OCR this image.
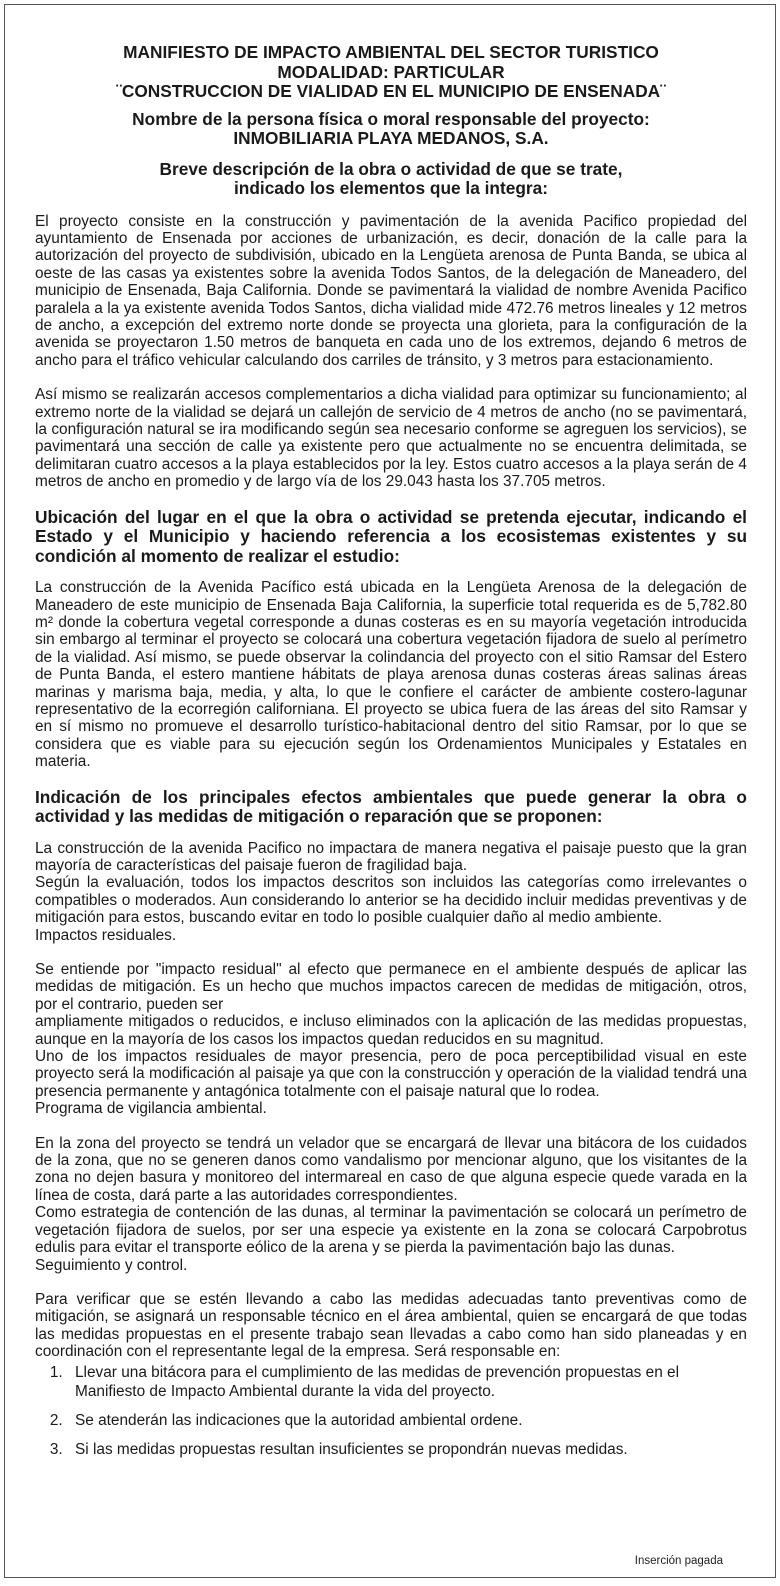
MANIFIESTO DE IMPACTO AMBIENTAL DEL SECTOR TURISTICO
MODALIDAD: PARTICULAR
¨CONSTRUCCION DE VIALIDAD EN EL MUNICIPIO DE ENSENADA¨
Nombre de la persona física o moral responsable del proyecto:
INMOBILIARIA PLAYA MEDANOS, S.A.
Breve descripción de la obra o actividad de que se trate,
indicado los elementos que la integra:

El proyecto consiste en la construcción y pavimentación de la avenida Pacifico propiedad del ayuntamiento de Ensenada por acciones de urbanización, es decir, donación de la calle para la autorización del proyecto de subdivisión, ubicado en la Lengüeta arenosa de Punta Banda, se ubica al oeste de las casas ya existentes sobre la avenida Todos Santos, de la delegación de Maneadero, del municipio de Ensenada, Baja California. Donde se pavimentará la vialidad de nombre Avenida Pacifico paralela a la ya existente avenida Todos Santos, dicha vialidad mide 472.76 metros lineales y 12 metros de ancho, a excepción del extremo norte donde se proyecta una glorieta, para la configuración de la avenida se proyectaron 1.50 metros de banqueta en cada uno de los extremos, dejando 6 metros de ancho para el tráfico vehicular calculando dos carriles de tránsito, y 3 metros para estacionamiento.

Así mismo se realizarán accesos complementarios a dicha vialidad para optimizar su funcionamiento; al extremo norte de la vialidad se dejará un callejón de servicio de 4 metros de ancho (no se pavimentará, la configuración natural se ira modificando según sea necesario conforme se agreguen los servicios), se pavimentará una sección de calle ya existente pero que actualmente no se encuentra delimitada, se delimitaran cuatro accesos a la playa establecidos por la ley. Estos cuatro accesos a la playa serán de 4 metros de ancho en promedio y de largo vía de los 29.043 hasta los 37.705 metros.

Ubicación del lugar en el que la obra o actividad se pretenda ejecutar, indicando el Estado y el Municipio y haciendo referencia a los ecosistemas existentes y su condición al momento de realizar el estudio:

La construcción de la Avenida Pacífico está ubicada en la Lengüeta Arenosa de la delegación de Maneadero de este municipio de Ensenada Baja California, la superficie total requerida es de 5,782.80 m² donde la cobertura vegetal corresponde a dunas costeras es en su mayoría vegetación introducida sin embargo al terminar el proyecto se colocará una cobertura vegetación fijadora de suelo al perímetro de la vialidad. Así mismo, se puede observar la colindancia del proyecto con el sitio Ramsar del Estero de Punta Banda, el estero mantiene hábitats de playa arenosa dunas costeras áreas salinas áreas marinas y marisma baja, media, y alta, lo que le confiere el carácter de ambiente costero-lagunar representativo de la ecorregión californiana. El proyecto se ubica fuera de las áreas del sito Ramsar y en sí mismo no promueve el desarrollo turístico-habitacional dentro del sitio Ramsar, por lo que se considera que es viable para su ejecución según los Ordenamientos Municipales y Estatales en materia.

Indicación de los principales efectos ambientales que puede generar la obra o actividad y las medidas de mitigación o reparación que se proponen:

La construcción de la avenida Pacifico no impactara de manera negativa el paisaje puesto que la gran mayoría de características del paisaje fueron de fragilidad baja.
Según la evaluación, todos los impactos descritos son incluidos las categorías como irrelevantes o compatibles o moderados. Aun considerando lo anterior se ha decidido incluir medidas preventivas y de mitigación para estos, buscando evitar en todo lo posible cualquier daño al medio ambiente.
Impactos residuales.
Se entiende por "impacto residual" al efecto que permanece en el ambiente después de aplicar las medidas de mitigación. Es un hecho que muchos impactos carecen de medidas de mitigación, otros, por el contrario, pueden ser
ampliamente mitigados o reducidos, e incluso eliminados con la aplicación de las medidas propuestas, aunque en la mayoría de los casos los impactos quedan reducidos en su magnitud.
Uno de los impactos residuales de mayor presencia, pero de poca perceptibilidad visual en este proyecto será la modificación al paisaje ya que con la construcción y operación de la vialidad tendrá una presencia permanente y antagónica totalmente con el paisaje natural que lo rodea.
Programa de vigilancia ambiental.
En la zona del proyecto se tendrá un velador que se encargará de llevar una bitácora de los cuidados de la zona, que no se generen danos como vandalismo por mencionar alguno, que los visitantes de la zona no dejen basura y monitoreo del intermareal en caso de que alguna especie quede varada en la línea de costa, dará parte a las autoridades correspondientes.
Como estrategia de contención de las dunas, al terminar la pavimentación se colocará un perímetro de vegetación fijadora de suelos, por ser una especie ya existente en la zona se colocará Carpobrotus edulis para evitar el transporte eólico de la arena y se pierda la pavimentación bajo las dunas.
Seguimiento y control.
Para verificar que se estén llevando a cabo las medidas adecuadas tanto preventivas como de mitigación, se asignará un responsable técnico en el área ambiental, quien se encargará de que todas las medidas propuestas en el presente trabajo sean llevadas a cabo como han sido planeadas y en coordinación con el representante legal de la empresa. Será responsable en:
1. Llevar una bitácora para el cumplimiento de las medidas de prevención propuestas en el Manifiesto de Impacto Ambiental durante la vida del proyecto.
2. Se atenderán las indicaciones que la autoridad ambiental ordene.
3. Si las medidas propuestas resultan insuficientes se propondrán nuevas medidas.
Inserción pagada
